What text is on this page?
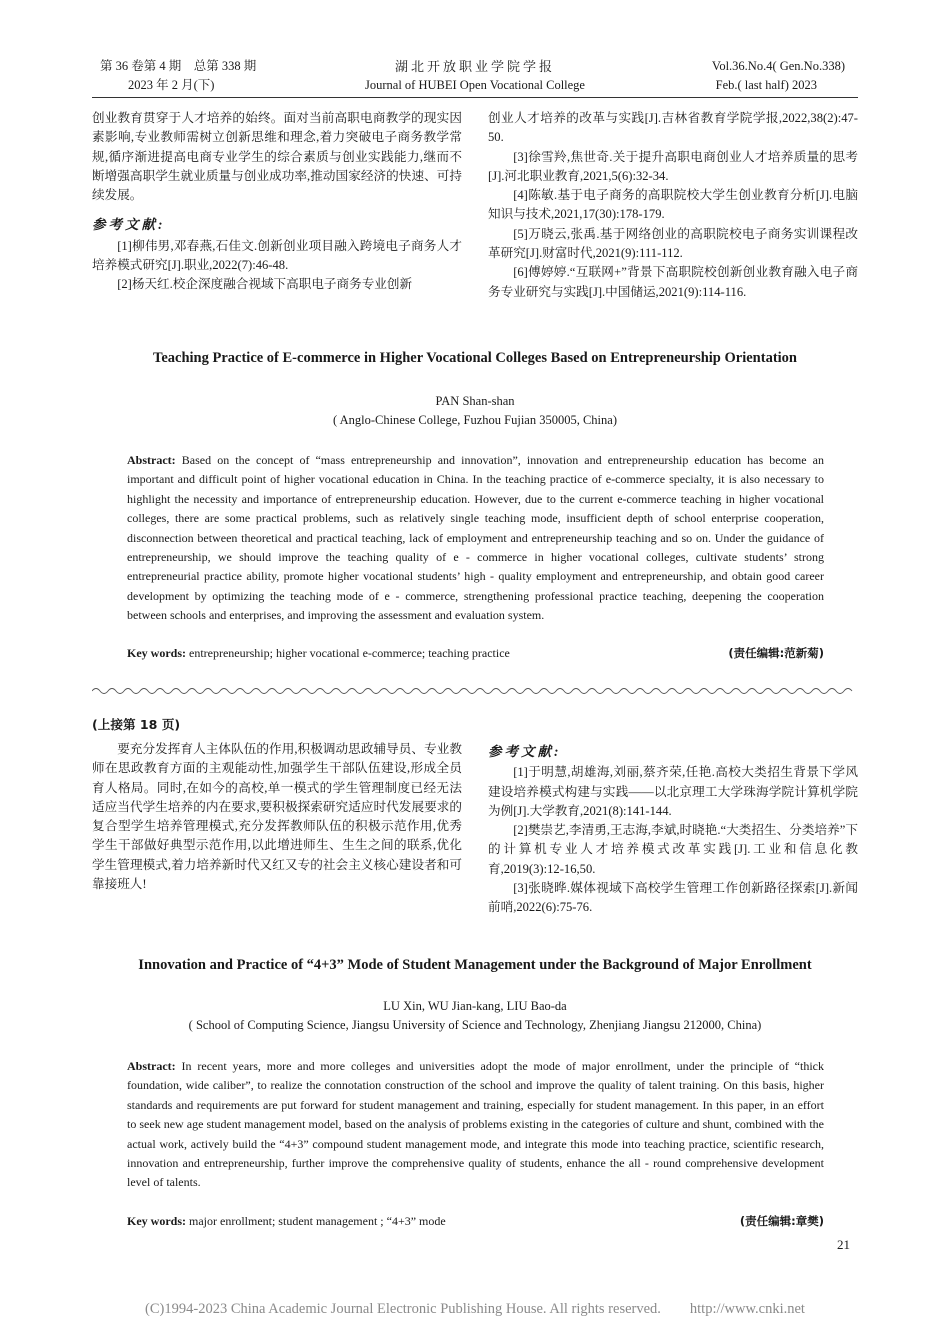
第 36 卷第 4 期　总第 338 期
2023 年 2 月(下)
湖北开放职业学院学报
Journal of HUBEI Open Vocational College
Vol.36.No.4( Gen.No.338)
Feb.( last half) 2023

创业教育贯穿于人才培养的始终。面对当前高职电商教学的现实因素影响,专业教师需树立创新思维和理念,着力突破电子商务教学常规,循序渐进提高电商专业学生的综合素质与创业实践能力,继而不断增强高职学生就业质量与创业成功率,推动国家经济的快速、可持续发展。

参考文献:

[1]柳伟男,邓春燕,石佳文.创新创业项目融入跨境电子商务人才培养模式研究[J].职业,2022(7):46-48.

[2]杨天红.校企深度融合视域下高职电子商务专业创新

创业人才培养的改革与实践[J].吉林省教育学院学报,2022,38(2):47-50.

[3]徐雪羚,焦世奇.关于提升高职电商创业人才培养质量的思考[J].河北职业教育,2021,5(6):32-34.

[4]陈敏.基于电子商务的高职院校大学生创业教育分析[J].电脑知识与技术,2021,17(30):178-179.

[5]万晓云,张禹.基于网络创业的高职院校电子商务实训课程改革研究[J].财富时代,2021(9):111-112.

[6]傅婷婷.“互联网+”背景下高职院校创新创业教育融入电子商务专业研究与实践[J].中国储运,2021(9):114-116.

Teaching Practice of E-commerce in Higher Vocational Colleges Based on Entrepreneurship Orientation
PAN Shan-shan
( Anglo-Chinese College, Fuzhou Fujian 350005, China)

Abstract: Based on the concept of “mass entrepreneurship and innovation”, innovation and entrepreneurship education has become an important and difficult point of higher vocational education in China. In the teaching practice of e-commerce specialty, it is also necessary to highlight the necessity and importance of entrepreneurship education. However, due to the current e-commerce teaching in higher vocational colleges, there are some practical problems, such as relatively single teaching mode, insufficient depth of school enterprise cooperation, disconnection between theoretical and practical teaching, lack of employment and entrepreneurship teaching and so on. Under the guidance of entrepreneurship, we should improve the teaching quality of e - commerce in higher vocational colleges, cultivate students’ strong entrepreneurial practice ability, promote higher vocational students’ high - quality employment and entrepreneurship, and obtain good career development by optimizing the teaching mode of e - commerce, strengthening professional practice teaching, deepening the cooperation between schools and enterprises, and improving the assessment and evaluation system.

Key words: entrepreneurship; higher vocational e-commerce; teaching practice	(责任编辑:范新菊)
(上接第 18 页)

要充分发挥育人主体队伍的作用,积极调动思政辅导员、专业教师在思政教育方面的主观能动性,加强学生干部队伍建设,形成全员育人格局。同时,在如今的高校,单一模式的学生管理制度已经无法适应当代学生培养的内在要求,要积极探索研究适应时代发展要求的复合型学生培养管理模式,充分发挥教师队伍的积极示范作用,优秀学生干部做好典型示范作用,以此增进师生、生生之间的联系,优化学生管理模式,着力培养新时代又红又专的社会主义核心建设者和可靠接班人!

参考文献:

[1]于明慧,胡雄海,刘丽,蔡齐荣,任艳.高校大类招生背景下学风建设培养模式构建与实践——以北京理工大学珠海学院计算机学院为例[J].大学教育,2021(8):141-144.

[2]樊崇艺,李清勇,王志海,李斌,时晓艳.“大类招生、分类培养”下的计算机专业人才培养模式改革实践[J].工业和信息化教育,2019(3):12-16,50.

[3]张晓晔.媒体视域下高校学生管理工作创新路径探索[J].新闻前哨,2022(6):75-76.

Innovation and Practice of “4+3” Mode of Student Management under the Background of Major Enrollment
LU Xin, WU Jian-kang, LIU Bao-da
( School of Computing Science, Jiangsu University of Science and Technology, Zhenjiang Jiangsu 212000, China)

Abstract: In recent years, more and more colleges and universities adopt the mode of major enrollment, under the principle of “thick foundation, wide caliber”, to realize the connotation construction of the school and improve the quality of talent training. On this basis, higher standards and requirements are put forward for student management and training, especially for student management. In this paper, in an effort to seek new age student management model, based on the analysis of problems existing in the categories of culture and shunt, combined with the actual work, actively build the “4+3” compound student management mode, and integrate this mode into teaching practice, scientific research, innovation and entrepreneurship, further improve the comprehensive quality of students, enhance the all - round comprehensive development level of talents.

Key words: major enrollment; student management ; “4+3” mode	(责任编辑:章樊)
21
(C)1994-2023 China Academic Journal Electronic Publishing House. All rights reserved.　　http://www.cnki.net
